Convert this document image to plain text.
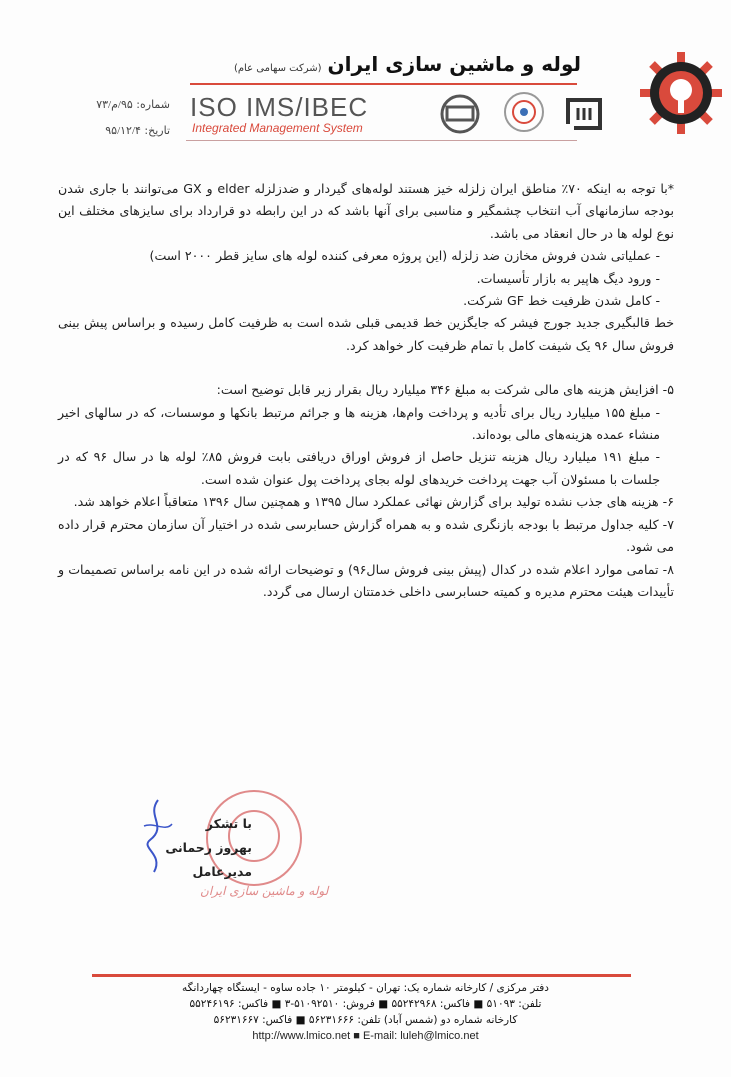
لوله و ماشین سازی ایران(شرکت سهامی عام)
ISO IMS/IBEC
Integrated Management System
شماره: ۹۵/م/۷۳
تاریخ: ۹۵/۱۲/۴

*با توجه به اینکه ۷۰٪ مناطق ایران زلزله خیز هستند لوله‌های گیردار و ضدزلزله elder و GX می‌توانند با جاری شدن بودجه سازمانهای آب انتخاب چشمگیر و مناسبی برای آنها باشد که در این رابطه دو قرارداد برای سایزهای مختلف این نوع لوله ها در حال انعقاد می باشد.

- عملیاتی شدن فروش مخازن ضد زلزله (این پروژه معرفی کننده لوله های سایز قطر ۲۰۰۰ است)

- ورود دیگ هاپیر به بازار تأسیسات.

- کامل شدن ظرفیت خط GF شرکت.

خط قالبگیری جدید جورج فیشر که جایگزین خط قدیمی قبلی شده است به ظرفیت کامل رسیده و براساس پیش بینی فروش سال ۹۶ یک شیفت کامل با تمام ظرفیت کار خواهد کرد.

۵- افزایش هزینه های مالی شرکت به مبلغ ۳۴۶ میلیارد ریال بقرار زیر قابل توضیح است:

- مبلغ ۱۵۵ میلیارد ریال برای تأدیه و پرداخت وام‌ها، هزینه ها و جرائم مرتبط بانکها و موسسات، که در سالهای اخیر منشاء عمده هزینه‌های مالی بوده‌اند.

- مبلغ ۱۹۱ میلیارد ریال هزینه تنزیل حاصل از فروش اوراق دریافتی بابت فروش ۸۵٪ لوله ها در سال ۹۶ که در جلسات با مسئولان آب جهت پرداخت خریدهای لوله بجای پرداخت پول عنوان شده است.

۶- هزینه های جذب نشده تولید برای گزارش نهائی عملکرد سال ۱۳۹۵ و همچنین سال ۱۳۹۶ متعاقباً اعلام خواهد شد.

۷- کلیه جداول مرتبط با بودجه بازنگری شده و به همراه گزارش حسابرسی شده در اختیار آن سازمان محترم قرار داده می شود.

۸- تمامی موارد اعلام شده در کدال (پیش بینی فروش سال۹۶) و توضیحات ارائه شده در این نامه براساس تصمیمات و تأییدات هیئت محترم مدیره و کمیته حسابرسی داخلی خدمتتان ارسال می گردد.

لوله و ماشین سازی ایران
با تشکر
بهروز رحمانی
مدیرعامل
دفتر مرکزی / کارخانه شماره یک: تهران - کیلومتر ۱۰ جاده ساوه - ایستگاه چهاردانگه
تلفن: ۵۱۰۹۳ ■ فاکس: ۵۵۲۴۲۹۶۸ ■ فروش: ۵۱۰۹۲۵۱۰-۳ ■ فاکس: ۵۵۲۴۶۱۹۶
کارخانه شماره دو (شمس آباد) تلفن: ۵۶۲۳۱۶۶۶ ■ فاکس: ۵۶۲۳۱۶۶۷
http://www.lmico.net ■ E-mail: luleh@lmico.net
